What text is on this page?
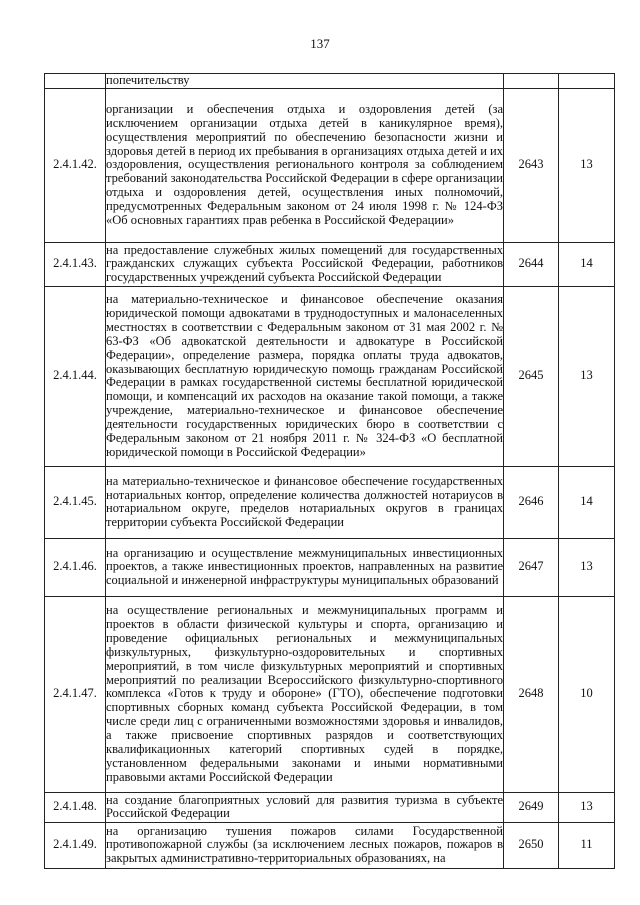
137
	попечительству		
2.4.1.42.	организации и обеспечения отдыха и оздоровления детей (за исключением организации отдыха детей в каникулярное время), осуществления мероприятий по обеспечению безопасности жизни и здоровья детей в период их пребывания в организациях отдыха детей и их оздоровления, осуществления регионального контроля за соблюдением требований законодательства Российской Федерации в сфере организации отдыха и оздоровления детей, осуществления иных полномочий, предусмотренных Федеральным законом от 24 июля 1998 г. № 124-ФЗ «Об основных гарантиях прав ребенка в Российской Федерации»	2643	13
2.4.1.43.	на предоставление служебных жилых помещений для государственных гражданских служащих субъекта Российской Федерации, работников государственных учреждений субъекта Российской Федерации	2644	14
2.4.1.44.	на материально-техническое и финансовое обеспечение оказания юридической помощи адвокатами в труднодоступных и малонаселенных местностях в соответствии с Федеральным законом от 31 мая 2002 г. № 63-ФЗ «Об адвокатской деятельности и адвокатуре в Российской Федерации», определение размера, порядка оплаты труда адвокатов, оказывающих бесплатную юридическую помощь гражданам Российской Федерации в рамках государственной системы бесплатной юридической помощи, и компенсаций их расходов на оказание такой помощи, а также учреждение, материально-техническое и финансовое обеспечение деятельности государственных юридических бюро в соответствии с Федеральным законом от 21 ноября 2011 г. № 324-ФЗ «О бесплатной юридической помощи в Российской Федерации»	2645	13
2.4.1.45.	на материально-техническое и финансовое обеспечение государственных нотариальных контор, определение количества должностей нотариусов в нотариальном округе, пределов нотариальных округов в границах территории субъекта Российской Федерации	2646	14
2.4.1.46.	на организацию и осуществление межмуниципальных инвестиционных проектов, а также инвестиционных проектов, направленных на развитие социальной и инженерной инфраструктуры муниципальных образований	2647	13
2.4.1.47.	на осуществление региональных и межмуниципальных программ и проектов в области физической культуры и спорта, организацию и проведение официальных региональных и межмуниципальных физкультурных, физкультурно-оздоровительных и спортивных мероприятий, в том числе физкультурных мероприятий и спортивных мероприятий по реализации Всероссийского физкультурно-спортивного комплекса «Готов к труду и обороне» (ГТО), обеспечение подготовки спортивных сборных команд субъекта Российской Федерации, в том числе среди лиц с ограниченными возможностями здоровья и инвалидов, а также присвоение спортивных разрядов и соответствующих квалификационных категорий спортивных судей в порядке, установленном федеральными законами и иными нормативными правовыми актами Российской Федерации	2648	10
2.4.1.48.	на создание благоприятных условий для развития туризма в субъекте Российской Федерации	2649	13
2.4.1.49.	на организацию тушения пожаров силами Государственной противопожарной службы (за исключением лесных пожаров, пожаров в закрытых административно-территориальных образованиях, на	2650	11
